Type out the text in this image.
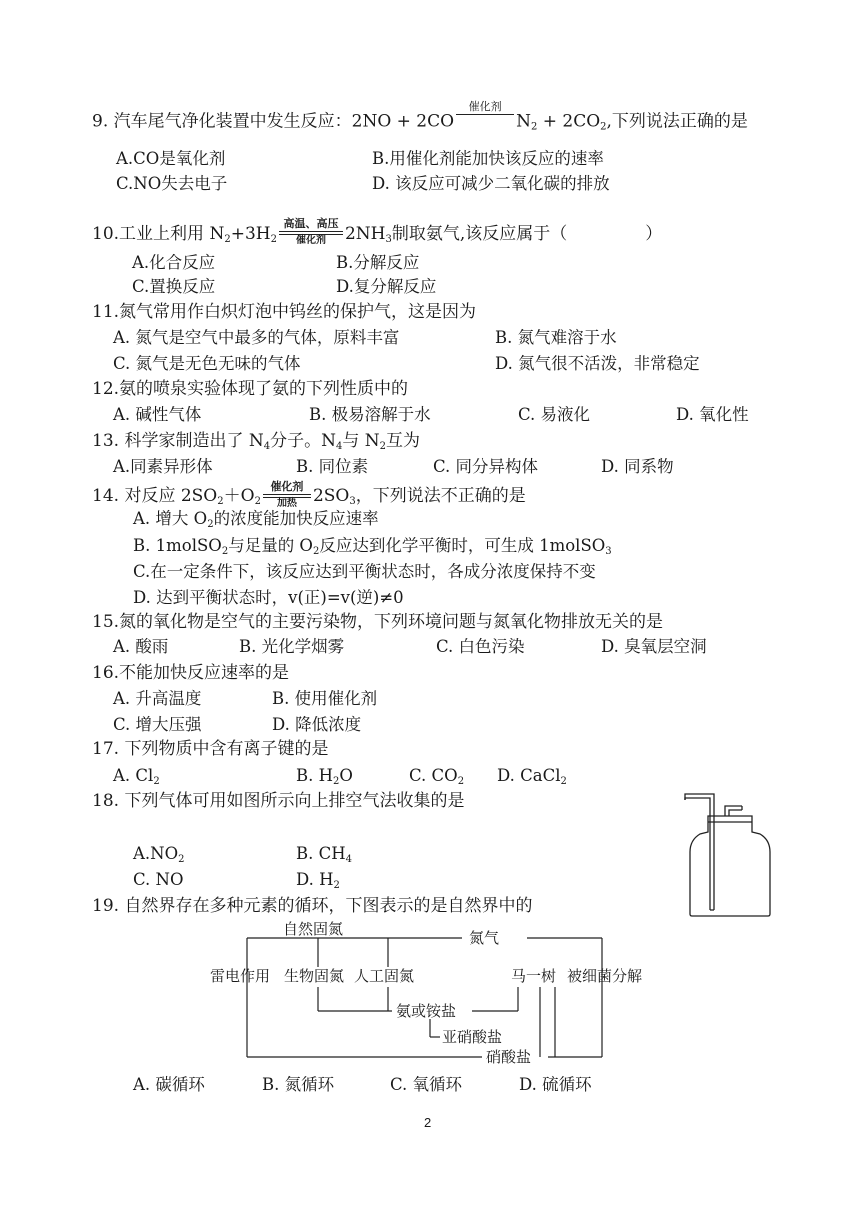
9. 汽车尾气净化装置中发生反应：2NO + 2CO
催化剂

$N_2 + 2CO_2$,下列说法正确的是
A.CO是氧化剂	B.用催化剂能加快该反应的速率
C.NO失去电子	D. 该反应可减少二氧化碳的排放
10.工业上利用 $N_2+3H_2$
高温、高压
催化剂	$2NH_3$制取氨气,该反应属于（	）
A.化合反应	B.分解反应
C.置换反应	D.复分解反应
11.氮气常用作白炽灯泡中钨丝的保护气，这是因为
A. 氮气是空气中最多的气体，原料丰富	B. 氮气难溶于水
C. 氮气是无色无味的气体	D. 氮气很不活泼，非常稳定
12.氨的喷泉实验体现了氨的下列性质中的
A. 碱性气体	B. 极易溶解于水	C. 易液化	D. 氧化性
13. 科学家制造出了 $N_4$分子。$N_4$与 $N_2$互为
A.同素异形体	B. 同位素	C. 同分异构体	D. 同系物
14. 对反应 $2SO_2+O_2$
催化剂
加热 $2SO_3$，下列说法不正确的是
A. 增大 $O_2$的浓度能加快反应速率
B. 1molSO$_2$与足量的 $O_2$反应达到化学平衡时，可生成 1molSO$_3$
C.在一定条件下，该反应达到平衡状态时，各成分浓度保持不变
D. 达到平衡状态时，v(正)=v(逆)≠0
15.氮的氧化物是空气的主要污染物，下列环境问题与氮氧化物排放无关的是
A. 酸雨	B. 光化学烟雾	C. 白色污染	D. 臭氧层空洞
16.不能加快反应速率的是
A. 升高温度	B. 使用催化剂
C. 增大压强	D. 降低浓度
17. 下列物质中含有离子键的是
A. $Cl_2$	B. $H_2O$	C. $CO_2$ D. CaCl$_2$
18. 下列气体可用如图所示向上排空气法收集的是
$A.NO_2$	B. $CH_4$
C. NO	D. $H_2$
19. 自然界存在多种元素的循环，下图表示的是自然界中的
自然固氮	氮气
雷电作用 生物固氮 人工固氮	马一树 被细菌分解
氨或铵盐
亚硝酸盐
硝酸盐
A. 碳循环	B. 氮循环	C. 氧循环	D. 硫循环
2
